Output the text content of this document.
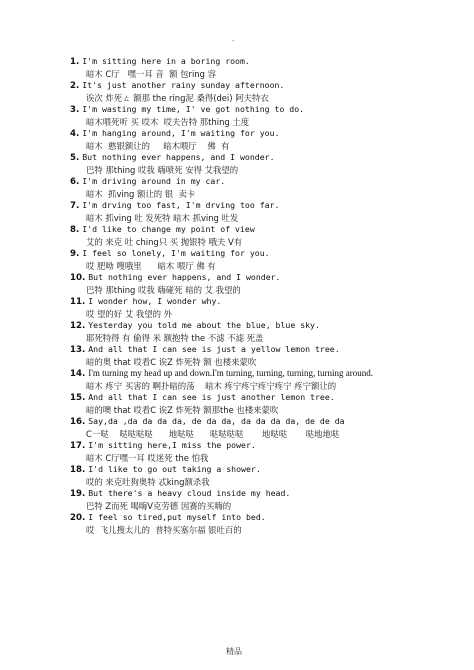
-
1. I'm sitting here in a boring room.
暗木 C厅   嘿一耳 音  额 包ring 容
2. It's just another rainy sunday afternoon.
诶次 炸死ㄊ 额那 the ring泥 桑得(dei) 阿夫特衣
3. I'm wasting my time, I' ve got nothing to do.
暗木喂死听 买 哎木  哎夫告特 那thing 土度
4. I'm hanging around, I'm waiting for you.
暗木  憨银额让的     暗木喂厅    佛  有
5. But nothing ever happens, and I wonder.
巴特 那thing 哎我 嗨喷死 安得 艾我望的
6. I'm driving around in my car.
暗木  抓ving 额让的 银  卖卡
7. I'm drving too fast, I'm drving too far.
暗木 抓ving 吐 发死特 暗木 抓ving 吐发
8. I'd like to change my point of view
艾的 来克 吐 ching只 买 抛银特 哦夫 V有
9. I feel so lonely, I'm waiting for you.
哎 肥呦 嗖哦里      暗木 喂厅 佛 有
10. But nothing ever happens, and I wonder.
巴特 那thing 哎我 嗨碰死 暗的 艾 我望的
11. I wonder how, I wonder why.
哎 望的好 艾 我望的 外
12. Yesterday you told me about the blue, blue sky.
耶死特得 有 偷得 米 额抱特 the 不滤 不滤 死盖
13. And all that I can see is just a yellow lemon tree.
暗的奥 that 哎看C 诶Z 炸死特 额 也楼来蒙吹
14. I'm turning my head up and down.I'm turning, turning, turning, turning around.
暗木 疼宁 买害的 啊扑暗的荡    暗木 疼宁疼宁疼宁疼宁 疼宁额让的
15. And all that I can see is just another lemon tree.
暗的噢 that 哎看C 诶Z 炸死特 额那the 也楼来蒙吹
16. Say,da ,da da da da, de da da, da da da da, de de da
C一哒    哒哒哒哒      地哒哒      哒哒哒哒       地哒哒       哒地地哒
17. I'm sitting here,I miss the power.
暗木 C厅嘿一耳 哎迷死 the 怕我
18. I'd like to go out taking a shower.
哎的 来克吐狗奥特 忒king额杀我
19. But there's a heavy cloud inside my head.
巴特 Z而死 喝嗨V克劳德 因赛的买嗨的
20. I feel so tired,put myself into bed.
哎  飞儿搜太儿的  普特买塞尔福 银吐百的
精品
